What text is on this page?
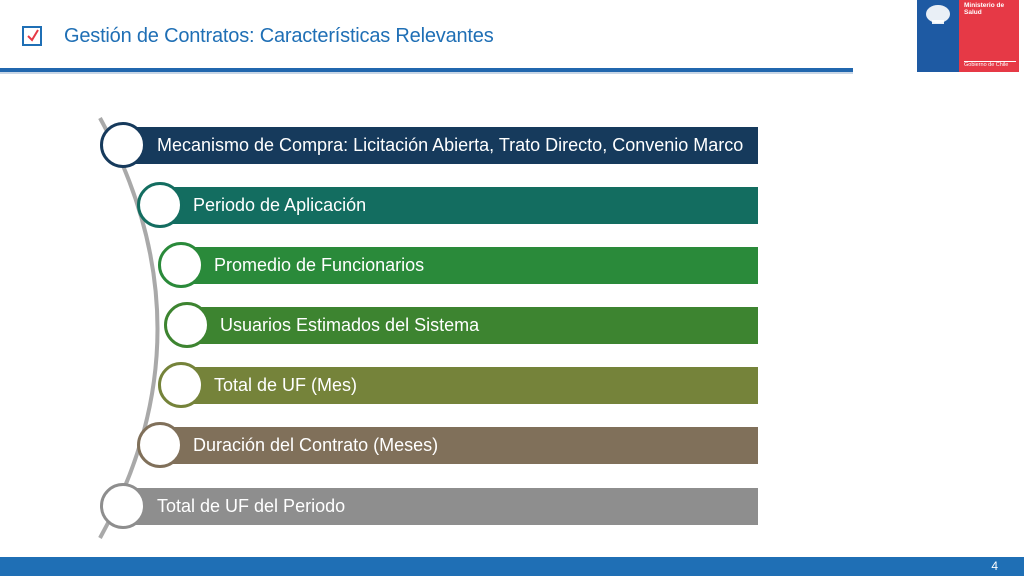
Gestión de Contratos: Características Relevantes
Ministerio de
Salud
Gobierno de Chile
Mecanismo de Compra: Licitación Abierta, Trato Directo, Convenio Marco
Periodo de Aplicación
Promedio de Funcionarios
Usuarios Estimados del Sistema
Total de UF (Mes)
Duración del Contrato (Meses)
Total de UF del Periodo
4
